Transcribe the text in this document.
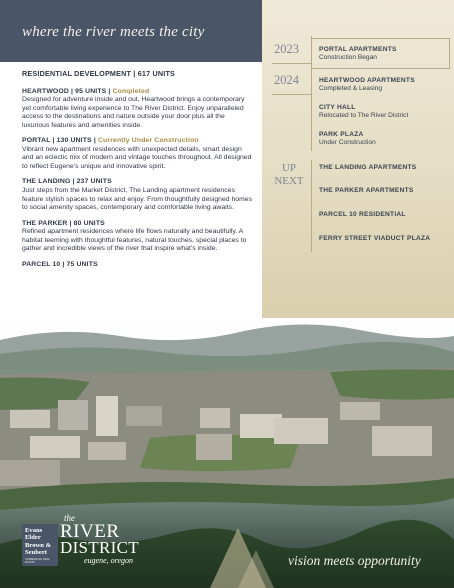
where the river meets the city
2023
2024
UP
NEXT
PORTAL APARTMENTS
Construction Began
HEARTWOOD APARTMENTS
Completed & Leasing
CITY HALL
Relocated to The River District
PARK PLAZA
Under Construction
THE LANDING APARTMENTS
THE PARKER APARTMENTS
PARCEL 10 RESIDENTIAL
FERRY STREET VIADUCT PLAZA
RESIDENTIAL DEVELOPMENT | 617 UNITS
HEARTWOOD | 95 UNITS | Completed
Designed for adventure inside and out, Heartwood brings a contemporary yet comfortable living experience to The River District. Enjoy unparalleled access to the destinations and nature outside your door plus all the luxurious features and amenities inside.
PORTAL | 130 UNITS | Currently Under Construction
Vibrant new apartment residences with unexpected details, smart design and an eclectic mix of modern and vintage touches throughout. All designed to reflect Eugene’s unique and innovative spirit.
THE LANDING | 237 UNITS
Just steps from the Market District, The Landing apartment residences feature stylish spaces to relax and enjoy. From thoughtfully designed homes to social amenity spaces, contemporary and comfortable living awaits.
THE PARKER | 80 UNITS
Refined apartment residences where life flows naturally and beautifully. A habitat teeming with thoughtful features, natural touches, special places to gather and incredible views of the river that inspire what’s inside.
PARCEL 10 | 75 UNITS
Evans
Elder
Brown &
Seubert
COMMERCIAL REAL ESTATE
the
RIVER
DISTRICT
eugene, oregon	vision meets opportunity
